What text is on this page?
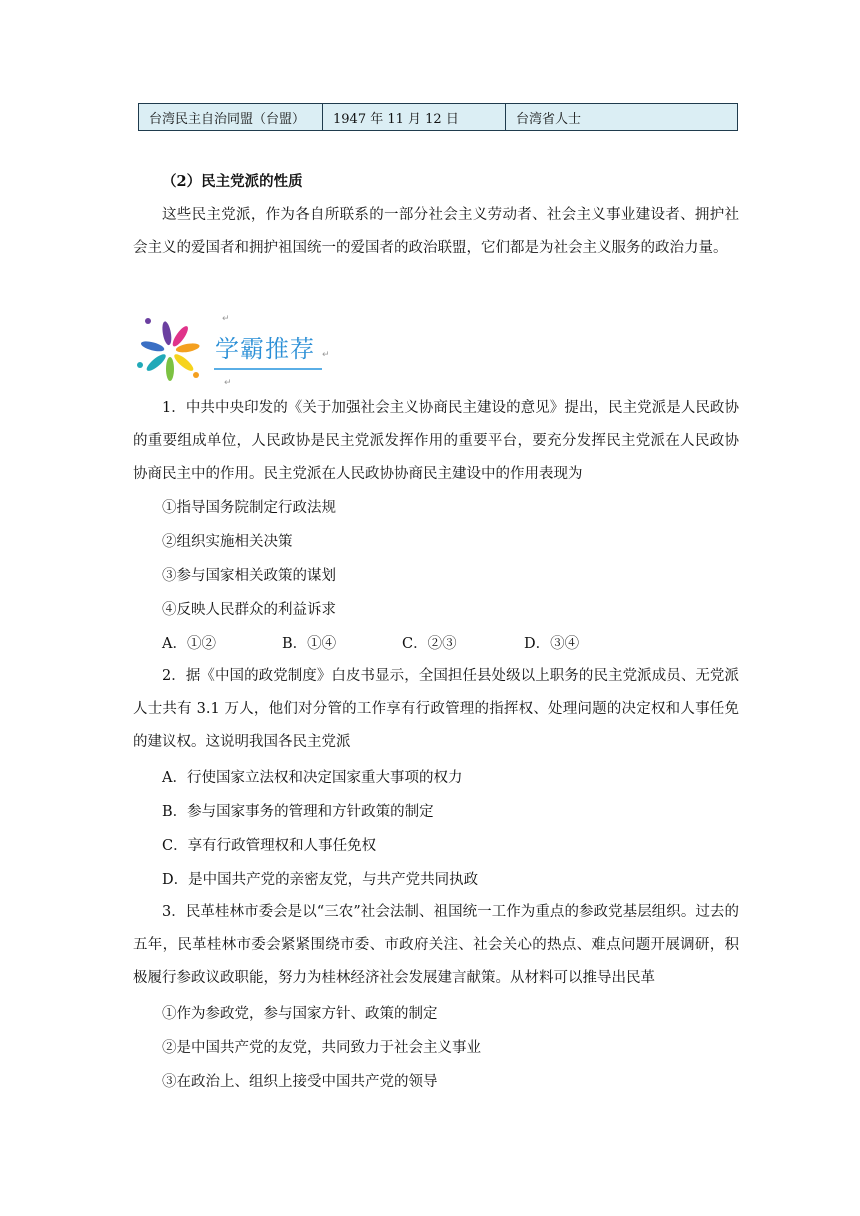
台湾民主自治同盟（台盟）	1947 年 11 月 12 日	台湾省人士
（2）民主党派的性质
这些民主党派，作为各自所联系的一部分社会主义劳动者、社会主义事业建设者、拥护社会主义的爱国者和拥护祖国统一的爱国者的政治联盟，它们都是为社会主义服务的政治力量。
↵
学霸推荐 ↵
↵
1．中共中央印发的《关于加强社会主义协商民主建设的意见》提出，民主党派是人民政协的重要组成单位，人民政协是民主党派发挥作用的重要平台，要充分发挥民主党派在人民政协协商民主中的作用。民主党派在人民政协协商民主建设中的作用表现为
①指导国务院制定行政法规
②组织实施相关决策
③参与国家相关政策的谋划
④反映人民群众的利益诉求
A．①②	B．①④	C．②③	D．③④
2．据《中国的政党制度》白皮书显示，全国担任县处级以上职务的民主党派成员、无党派人士共有 3.1 万人，他们对分管的工作享有行政管理的指挥权、处理问题的决定权和人事任免的建议权。这说明我国各民主党派
A．行使国家立法权和决定国家重大事项的权力
B．参与国家事务的管理和方针政策的制定
C．享有行政管理权和人事任免权
D．是中国共产党的亲密友党，与共产党共同执政
3．民革桂林市委会是以“三农”社会法制、祖国统一工作为重点的参政党基层组织。过去的五年，民革桂林市委会紧紧围绕市委、市政府关注、社会关心的热点、难点问题开展调研，积极履行参政议政职能，努力为桂林经济社会发展建言献策。从材料可以推导出民革
①作为参政党，参与国家方针、政策的制定
②是中国共产党的友党，共同致力于社会主义事业
③在政治上、组织上接受中国共产党的领导
